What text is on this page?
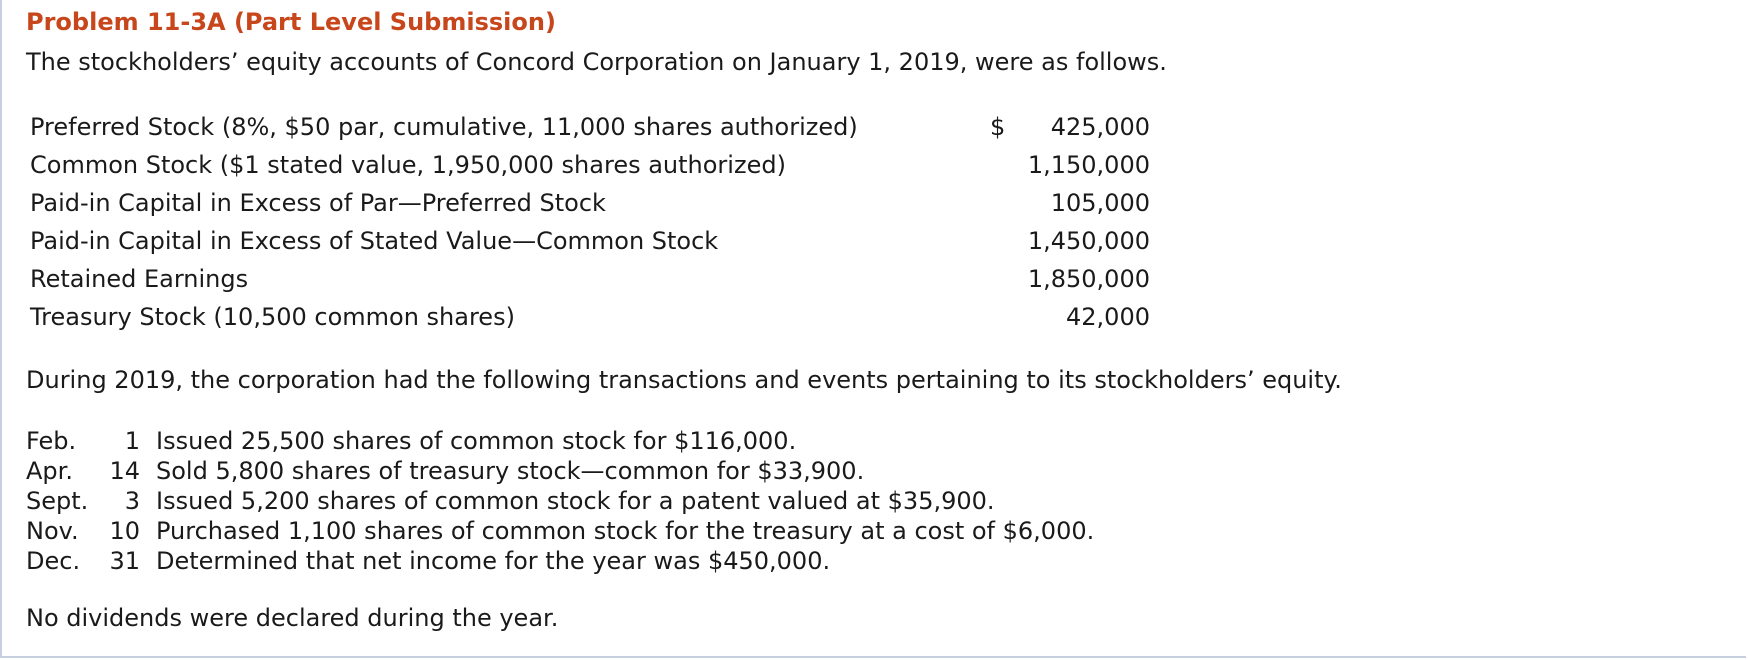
Problem 11-3A (Part Level Submission)
The stockholders’ equity accounts of Concord Corporation on January 1, 2019, were as follows.
Preferred Stock (8%, $50 par, cumulative, 11,000 shares authorized)	$ 425,000

Common Stock ($1 stated value, 1,950,000 shares authorized)	1,150,000
Paid-in Capital in Excess of Par—Preferred Stock	105,000
Paid-in Capital in Excess of Stated Value—Common Stock	1,450,000
Retained Earnings	1,850,000
Treasury Stock (10,500 common shares)	42,000
During 2019, the corporation had the following transactions and events pertaining to its stockholders’ equity.
Feb.	1	Issued 25,500 shares of common stock for $116,000.
Apr.	14	Sold 5,800 shares of treasury stock—common for $33,900.
Sept.	3	Issued 5,200 shares of common stock for a patent valued at $35,900.
Nov.	10	Purchased 1,100 shares of common stock for the treasury at a cost of $6,000.
Dec.	31	Determined that net income for the year was $450,000.
No dividends were declared during the year.
